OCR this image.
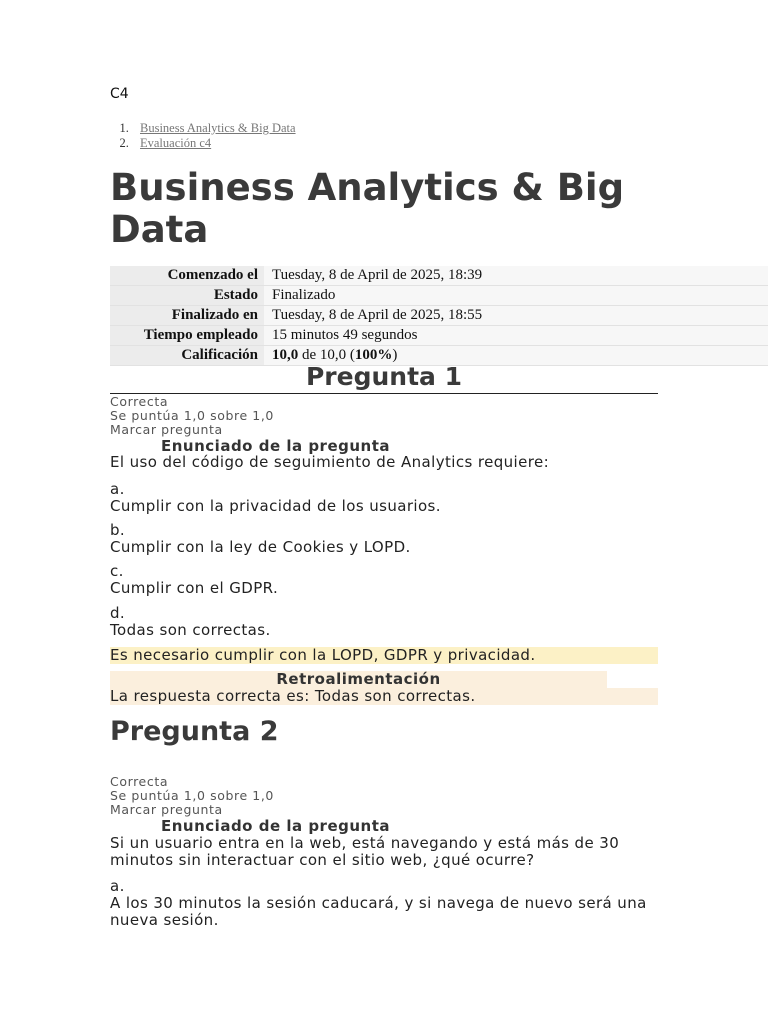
C4

1. Business Analytics & Big Data
2. Evaluación c4
Business Analytics & Big Data
Comenzado el	Tuesday, 8 de April de 2025, 18:39
Estado	Finalizado
Finalizado en	Tuesday, 8 de April de 2025, 18:55
Tiempo empleado	15 minutos 49 segundos
Calificación	10,0 de 10,0 (100%)
Pregunta 1
Correcta
Se puntúa 1,0 sobre 1,0
Marcar pregunta
Enunciado de la pregunta
El uso del código de seguimiento de Analytics requiere:
a.
Cumplir con la privacidad de los usuarios.
b.
Cumplir con la ley de Cookies y LOPD.
c.
Cumplir con el GDPR.
d.
Todas son correctas.
Es necesario cumplir con la LOPD, GDPR y privacidad.
Retroalimentación
La respuesta correcta es: Todas son correctas.
Pregunta 2
Correcta
Se puntúa 1,0 sobre 1,0
Marcar pregunta
Enunciado de la pregunta
Si un usuario entra en la web, está navegando y está más de 30 minutos sin interactuar con el sitio web, ¿qué ocurre?
a.
A los 30 minutos la sesión caducará, y si navega de nuevo será una nueva sesión.
